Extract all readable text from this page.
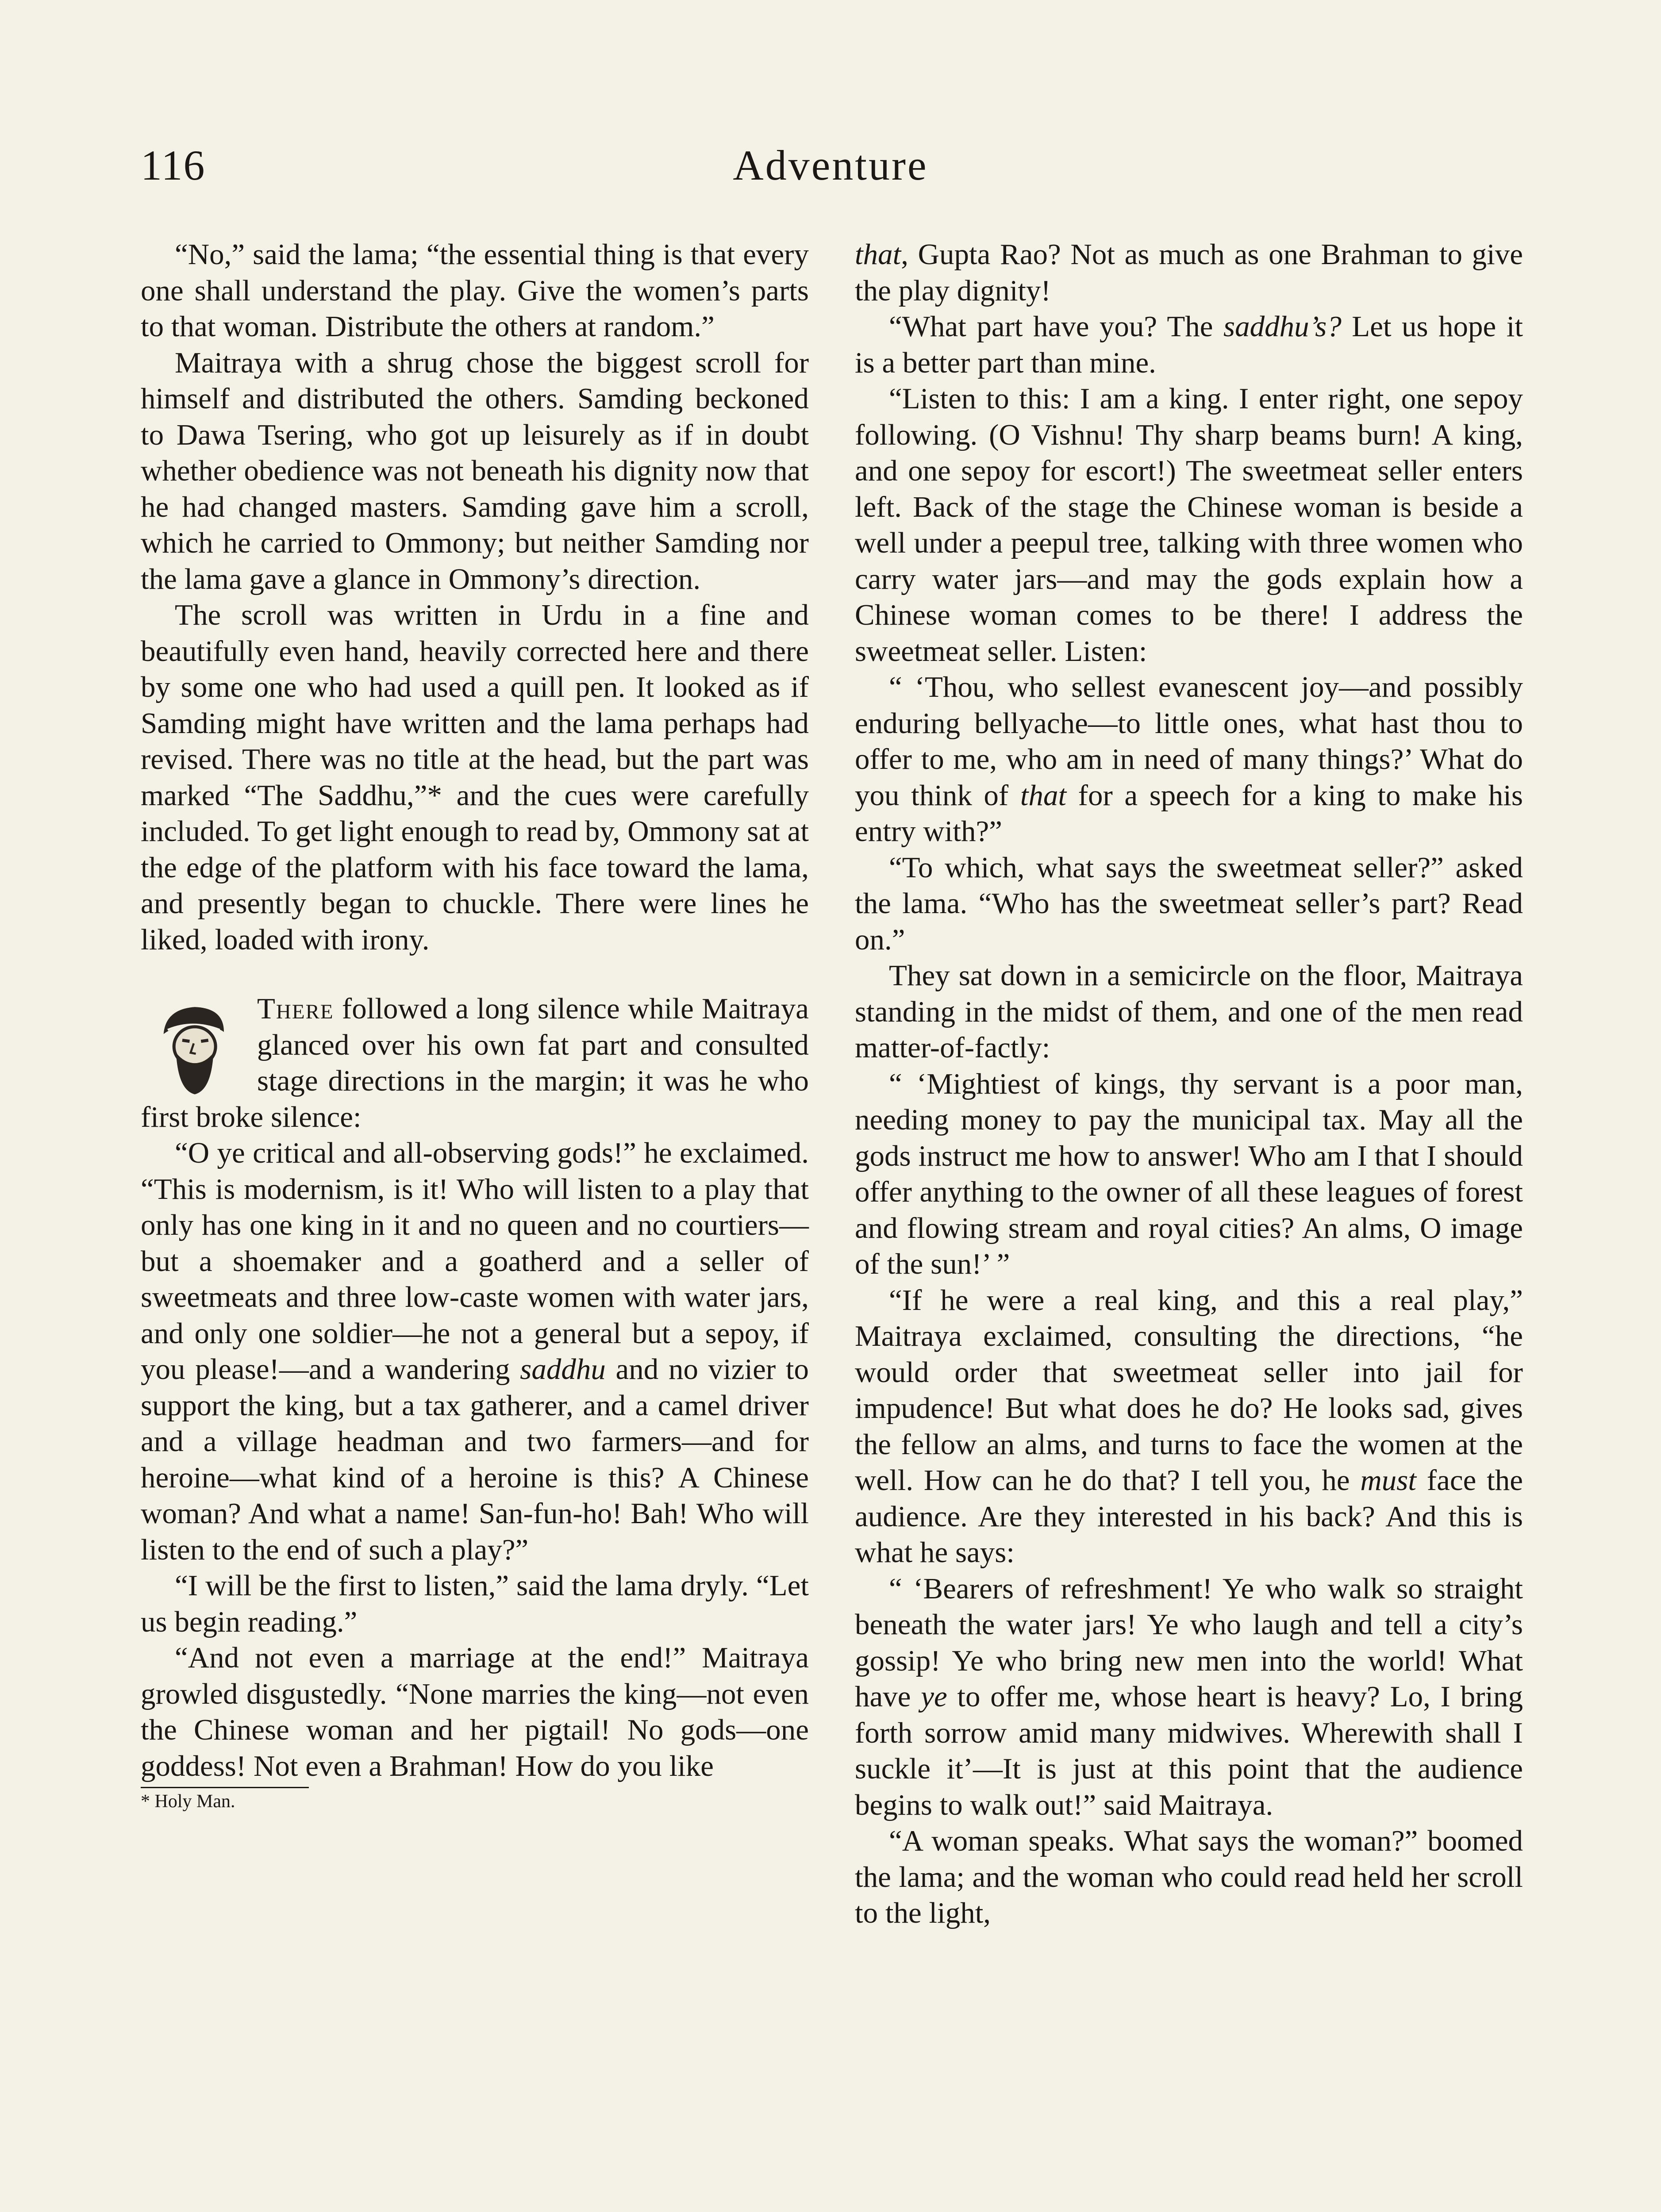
116	Adventure

“No,” said the lama; “the essential thing is that every one shall understand the play. Give the women’s parts to that woman. Distribute the others at random.”

Maitraya with a shrug chose the biggest scroll for himself and distributed the others. Samding beckoned to Dawa Tsering, who got up leisurely as if in doubt whether obedience was not beneath his dignity now that he had changed masters. Samding gave him a scroll, which he carried to Ommony; but neither Samding nor the lama gave a glance in Ommony’s direction.

The scroll was written in Urdu in a fine and beautifully even hand, heavily corrected here and there by some one who had used a quill pen. It looked as if Samding might have written and the lama perhaps had revised. There was no title at the head, but the part was marked “The Saddhu,”* and the cues were carefully included. To get light enough to read by, Ommony sat at the edge of the platform with his face toward the lama, and presently began to chuckle. There were lines he liked, loaded with irony.

There followed a long silence while Maitraya glanced over his own fat part and consulted stage directions in the margin; it was he who first broke silence:

“O ye critical and all-observing gods!” he exclaimed. “This is modernism, is it! Who will listen to a play that only has one king in it and no queen and no courtiers—but a shoemaker and a goatherd and a seller of sweetmeats and three low-caste women with water jars, and only one soldier—he not a general but a sepoy, if you please!—and a wandering saddhu and no vizier to support the king, but a tax gatherer, and a camel driver and a village headman and two farmers—and for heroine—what kind of a heroine is this? A Chinese woman? And what a name! San-fun-ho! Bah! Who will listen to the end of such a play?”

“I will be the first to listen,” said the lama dryly. “Let us begin reading.”

“And not even a marriage at the end!” Maitraya growled disgustedly. “None marries the king—not even the Chinese woman and her pigtail! No gods—one goddess! Not even a Brahman! How do you like

* Holy Man.

that, Gupta Rao? Not as much as one Brahman to give the play dignity!

“What part have you? The saddhu’s? Let us hope it is a better part than mine.

“Listen to this: I am a king. I enter right, one sepoy following. (O Vishnu! Thy sharp beams burn! A king, and one sepoy for escort!) The sweetmeat seller enters left. Back of the stage the Chinese woman is beside a well under a peepul tree, talking with three women who carry water jars—and may the gods explain how a Chinese woman comes to be there! I address the sweetmeat seller. Listen:

“ ‘Thou, who sellest evanescent joy—and possibly enduring bellyache—to little ones, what hast thou to offer to me, who am in need of many things?’ What do you think of that for a speech for a king to make his entry with?”

“To which, what says the sweetmeat seller?” asked the lama. “Who has the sweetmeat seller’s part? Read on.”

They sat down in a semicircle on the floor, Maitraya standing in the midst of them, and one of the men read matter-of-factly:

“ ‘Mightiest of kings, thy servant is a poor man, needing money to pay the municipal tax. May all the gods instruct me how to answer! Who am I that I should offer anything to the owner of all these leagues of forest and flowing stream and royal cities? An alms, O image of the sun!’ ”

“If he were a real king, and this a real play,” Maitraya exclaimed, consulting the directions, “he would order that sweetmeat seller into jail for impudence! But what does he do? He looks sad, gives the fellow an alms, and turns to face the women at the well. How can he do that? I tell you, he must face the audience. Are they interested in his back? And this is what he says:

“ ‘Bearers of refreshment! Ye who walk so straight beneath the water jars! Ye who laugh and tell a city’s gossip! Ye who bring new men into the world! What have ye to offer me, whose heart is heavy? Lo, I bring forth sorrow amid many midwives. Wherewith shall I suckle it’—It is just at this point that the audience begins to walk out!” said Maitraya.

“A woman speaks. What says the woman?” boomed the lama; and the woman who could read held her scroll to the light,
